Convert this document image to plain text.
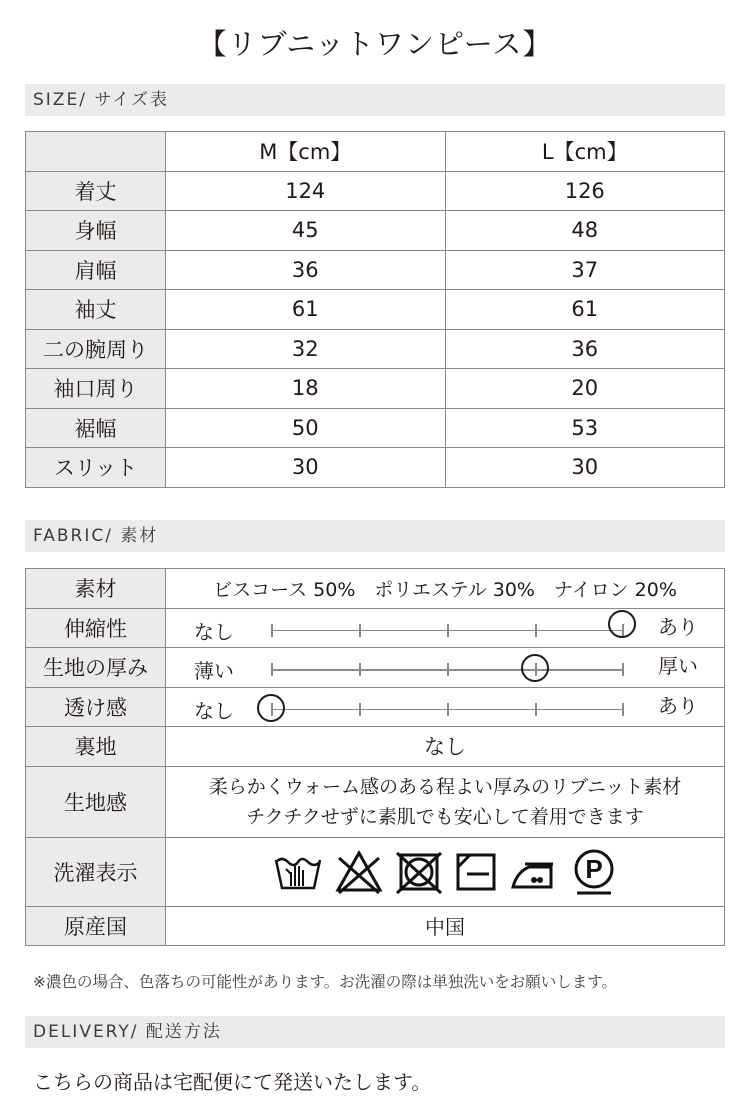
【リブニットワンピース】
SIZE/ サイズ表
	M【cm】	L【cm】
着丈	124	126
身幅	45	48
肩幅	36	37
袖丈	61	61
二の腕周り	32	36
袖口周り	18	20
裾幅	50	53
スリット	30	30
FABRIC/ 素材
素材	ビスコース 50%　ポリエステル 30%　ナイロン 20%
伸縮性	なし あり

生地の厚み	薄い 厚い

透け感	なし あり

裏地	なし
生地感	柔らかくウォーム感のある程よい厚みのリブニット素材
チクチクせずに素肌でも安心して着用できます

洗濯表示	P

原産国	中国
※濃色の場合、色落ちの可能性があります。お洗濯の際は単独洗いをお願いします。
DELIVERY/ 配送方法
こちらの商品は宅配便にて発送いたします。
